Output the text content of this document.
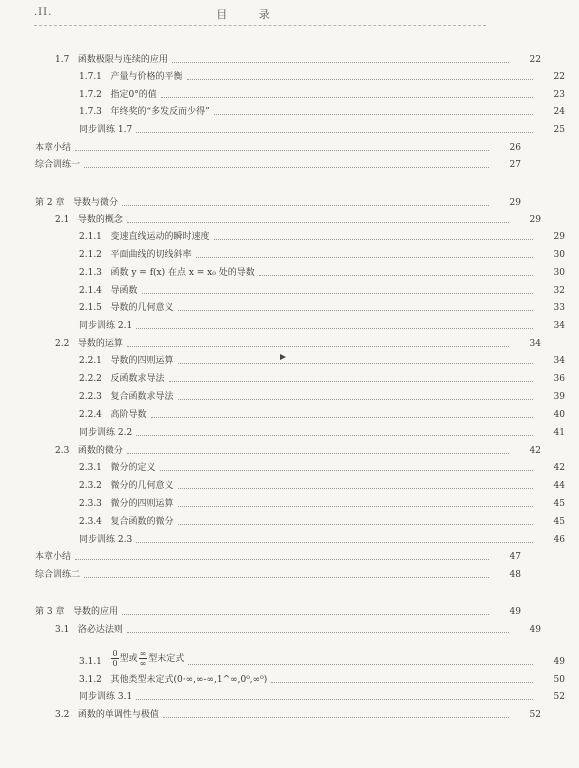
.II.	目 录
1.7 函数极限与连续的应用	22
1.7.1 产量与价格的平衡	22
1.7.2 指定0°的值	23
1.7.3 年终奖的“多发反而少得”	24
同步训练 1.7	25
本章小结	26
综合训练一	27
第 2 章 导数与微分	29
2.1 导数的概念	29
2.1.1 变速直线运动的瞬时速度	29
2.1.2 平面曲线的切线斜率	30
2.1.3 函数 y = f(x) 在点 x = x₀ 处的导数	30
2.1.4 导函数	32
2.1.5 导数的几何意义	33
同步训练 2.1	34
2.2 导数的运算	34
2.2.1 导数的四则运算	34
2.2.2 反函数求导法	36
2.2.3 复合函数求导法	39
2.2.4 高阶导数	40
同步训练 2.2	41
2.3 函数的微分	42
2.3.1 微分的定义	42
2.3.2 微分的几何意义	44
2.3.3 微分的四则运算	45
2.3.4 复合函数的微分	45
同步训练 2.3	46
本章小结	47
综合训练二	48
第 3 章 导数的应用	49
3.1 洛必达法则	49
$3.1.1 \frac{0}{0}$ 型或 $\frac{\infty}{\infty}$ 型未定式	49
3.1.2 其他类型未定式(0·∞,∞-∞,1^∞,0⁰,∞⁰)	50
同步训练 3.1	52
3.2 函数的单调性与极值	52
